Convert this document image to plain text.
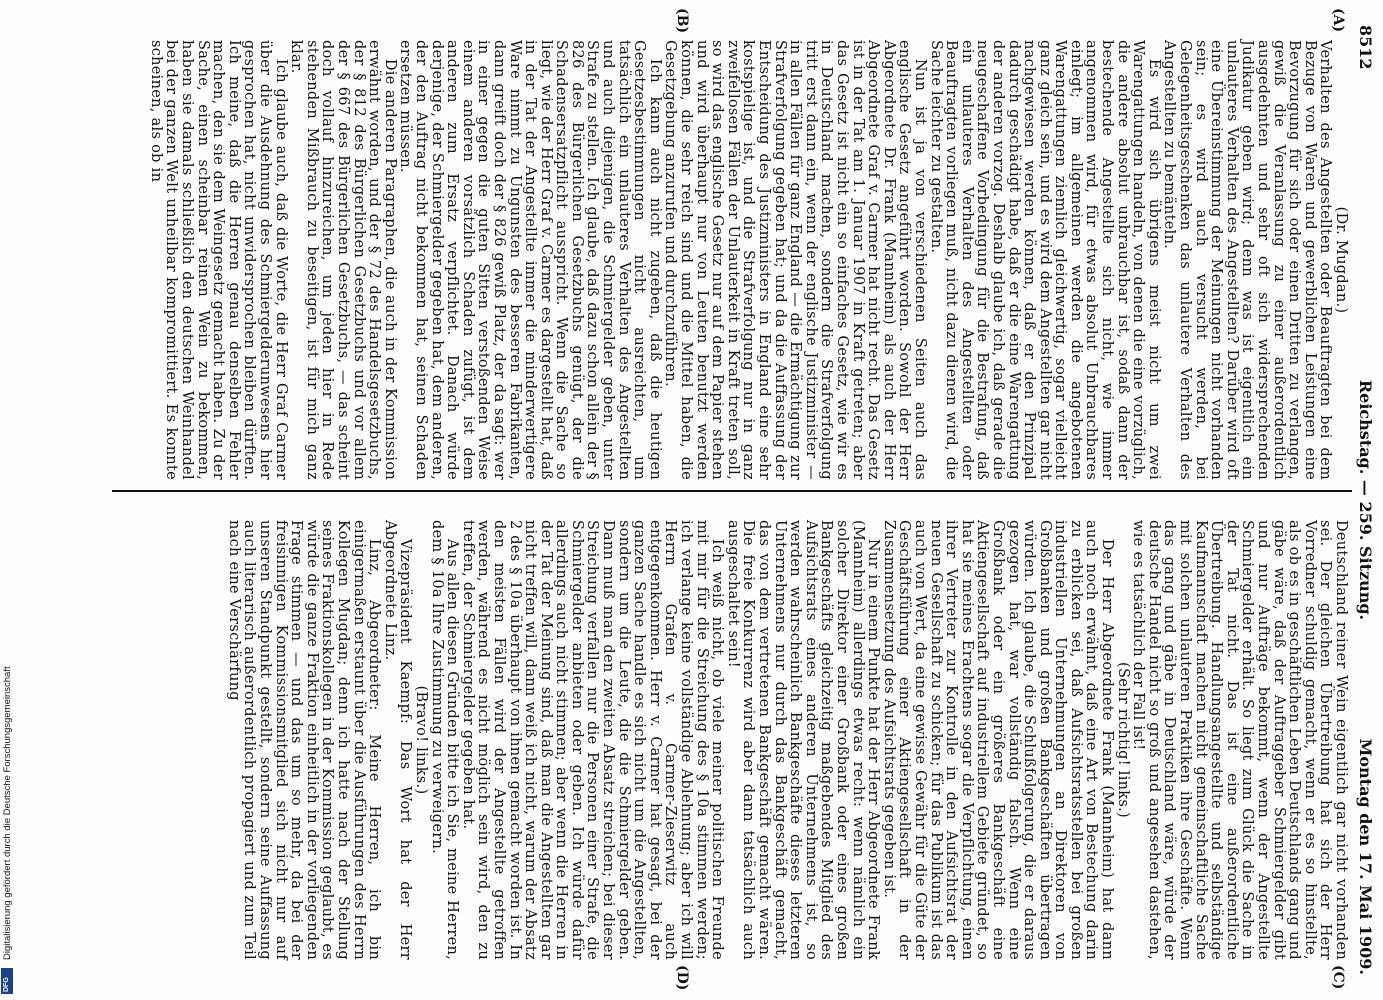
Digitalisierung gefördert durch die Deutsche Forschungsgemeinschaft
DFG
8512
Reichstag. — 259. Sitzung.
Montag den 17. Mai 1909.
(A)
(B)
(C)
(D)

(Dr. Mugdan.)

Verhalten des Angestellten oder Beauftragten bei dem Bezuge von Waren und gewerblichen Leistungen eine Bevorzugung für sich oder einen Dritten zu verlangen, gewiß die Veranlassung zu einer außerordentlich ausgedehnten und sehr oft sich widersprechenden Judikatur geben wird; denn was ist eigentlich ein unlauteres Verhalten des Angestellten? Darüber wird oft eine Übereinstimmung der Meinungen nicht vorhanden sein; es wird auch versucht werden, bei Gelegenheitsgeschenken das unlautere Verhalten des Angestellten zu bemänteln.

Es wird sich übrigens meist nicht um zwei Warengattungen handeln, von denen die eine vorzüglich, die andere absolut unbrauchbar ist, sodaß dann der bestechende Angestellte sich nicht, wie immer angenommen wird, für etwas absolut Unbrauchbares einlegt; im allgemeinen werden die angebotenen Warengattungen ziemlich gleichwertig, sogar vielleicht ganz gleich sein, und es wird dem Angestellten gar nicht nachgewiesen werden können, daß er den Prinzipal dadurch geschädigt habe, daß er die eine Warengattung der anderen vorzog. Deshalb glaube ich, daß gerade die neugeschaffene Vorbedingung für die Bestrafung, daß ein unlauteres Verhalten des Angestellten oder Beauftragten vorliegen muß, nicht dazu dienen wird, die Sache leichter zu gestalten.

Nun ist ja von verschiedenen Seiten auch das englische Gesetz angeführt worden. Sowohl der Herr Abgeordnete Dr. Frank (Mannheim) als auch der Herr Abgeordnete Graf v. Carmer hat nicht recht. Das Gesetz ist in der Tat am 1. Januar 1907 in Kraft getreten; aber das Gesetz ist nicht ein so einfaches Gesetz, wie wir es in Deutschland machen, sondern die Strafverfolgung tritt erst dann ein, wenn der englische Justizminister — in allen Fällen für ganz England — die Ermächtigung zur Strafverfolgung gegeben hat; und da die Auffassung der Entscheidung des Justizministers in England eine sehr kostspielige ist, und die Strafverfolgung nur in ganz zweifellosen Fällen der Unlauterkeit in Kraft treten soll, so wird das englische Gesetz nur auf dem Papier stehen und wird überhaupt nur von Leuten benutzt werden können, die sehr reich sind und die Mittel haben, die Gesetzgebung anzurufen und durchzuführen.

Ich kann auch nicht zugeben, daß die heutigen Gesetzesbestimmungen nicht ausreichten, um tatsächlich ein unlauteres Verhalten des Angestellten und auch diejenigen, die Schmiergelder geben, unter Strafe zu stellen. Ich glaube, daß dazu schon allein der § 826 des Bürgerlichen Gesetzbuchs genügt, der die Schadensersatzpflicht ausspricht. Wenn die Sache so liegt, wie der Herr Graf v. Carmer es dargestellt hat, daß in der Tat der Angestellte immer die minderwertigere Ware nimmt zu Ungunsten des besseren Fabrikanten, dann greift doch der § 826 gewiß Platz, der da sagt: wer in einer gegen die guten Sitten verstoßenden Weise einem anderen vorsätzlich Schaden zufügt, ist dem anderen zum Ersatz verpflichtet. Danach würde derjenige, der Schmiergelder gegeben hat, dem anderen, der den Auftrag nicht bekommen hat, seinen Schaden ersetzen müssen.

Die anderen Paragraphen, die auch in der Kommission erwähnt worden, und der § 72 des Handelsgesetzbuchs, der § 812 des Bürgerlichen Gesetzbuchs und vor allem der § 667 des Bürgerlichen Gesetzbuchs, — das scheint doch vollauf hinzureichen, um jeden hier in Rede stehenden Mißbrauch zu beseitigen, ist für mich ganz klar.

Ich glaube auch, daß die Worte, die Herr Graf Carmer über die Ausdehnung des Schmiergelderunwesens hier gesprochen hat, nicht unwidersprochen bleiben dürften. Ich meine, daß die Herren genau denselben Fehler machen, den sie dem Weingesetz gemacht haben. Zu der Sache, einen scheinbar reinen Wein zu bekommen, haben sie damals schließlich den deutschen Weinhandel bei der ganzen Welt unheilbar kompromittiert. Es konnte scheinen, als ob in

Deutschland reiner Wein eigentlich gar nicht vorhanden sei. Der gleichen Übertreibung hat sich der Herr Vorredner schuldig gemacht, wenn er es so hinstellte, als ob es in geschäftlichen Leben Deutschlands gang und gäbe wäre, daß der Auftraggeber Schmiergelder gibt und nur Aufträge bekommt, wenn der Angestellte Schmiergelder erhält. So liegt zum Glück die Sache in der Tat nicht. Das ist eine außerordentliche Übertreibung. Handlungsangestellte und selbständige Kaufmannschaft machen nicht gemeinschaftliche Sache mit solchen unlauteren Praktiken ihre Geschäfte. Wenn das gang und gäbe in Deutschland wäre, würde der deutsche Handel nicht so groß und angesehen dastehen, wie es tatsächlich der Fall ist!

(Sehr richtig! links.)

Der Herr Abgeordnete Frank (Mannheim) hat dann auch noch erwähnt, daß eine Art von Bestechung darin zu erblicken sei, daß Aufsichtsratsstellen bei großen industriellen Unternehmungen an Direktoren von Großbanken und großen Bankgeschäften übertragen würden. Ich glaube, die Schlußfolgerung, die er daraus gezogen hat, war vollständig falsch. Wenn eine Großbank oder ein größeres Bankgeschäft eine Aktiengesellschaft auf industriellem Gebiete gründet, so hat sie meines Erachtens sogar die Verpflichtung, einen ihrer Vertreter zur Kontrolle in den Aufsichtsrat der neuen Gesellschaft zu schicken; für das Publikum ist das auch von Wert, da eine gewisse Gewähr für die Güte der Geschäftsführung einer Aktiengesellschaft in der Zusammensetzung des Aufsichtsrats gegeben ist.

Nur in einem Punkte hat der Herr Abgeordnete Frank (Mannheim) allerdings etwas recht: wenn nämlich ein solcher Direktor einer Großbank oder eines großen Bankgeschäfts gleichzeitig maßgebendes Mitglied des Aufsichtsrats eines anderen Unternehmens ist, so werden wahrscheinlich Bankgeschäfte dieses letzteren Unternehmens nur durch das Bankgeschäft gemacht, das von dem vertretenen Bankgeschäft gemacht wären. Die freie Konkurrenz wird aber dann tatsächlich auch ausgeschaltet sein!

Ich weiß nicht, ob viele meiner politischen Freunde mit mir für die Streichung des § 10a stimmen werden; ich verlange keine vollständige Ablehnung; aber ich will Herrn Grafen v. Carmer-Zieserwitz auch entgegenkommen. Herr v. Carmer hat gesagt, bei der ganzen Sache handle es sich nicht um die Angestellten, sondern um die Leute, die die Schmiergelder geben. Dann muß man den zweiten Absatz streichen; bei dieser Streichung verfallen nur die Personen einer Strafe, die Schmiergelder anbieten oder geben. Ich würde dafür allerdings auch nicht stimmen; aber wenn die Herren in der Tat der Meinung sind, daß man die Angestellten gar nicht treffen will, dann weiß ich nicht, warum der Absatz 2 des § 10a überhaupt von ihnen gemacht worden ist. In den meisten Fällen wird der Angestellte getroffen werden, während es nicht möglich sein wird, den zu treffen, der Schmiergelder gegeben hat.

Aus allen diesen Gründen bitte ich Sie, meine Herren, dem § 10a Ihre Zustimmung zu verweigern.

(Bravo! links.)

Vizepräsident Kaempf: Das Wort hat der Herr Abgeordnete Linz.

Linz, Abgeordneter: Meine Herren, ich bin einigermaßen erstaunt über die Ausführungen des Herrn Kollegen Mugdan; denn ich hatte nach der Stellung seines Fraktionskollegen in der Kommission geglaubt, es würde die ganze Fraktion einheitlich in der vorliegenden Frage stimmen — und das um so mehr, da bei der freisinnigen Kommissionsmitglied sich nicht nur auf unseren Standpunkt gestellt, sondern seine Auffassung auch literarisch außerordentlich propagiert und zum Teil nach eine Verschärfung
